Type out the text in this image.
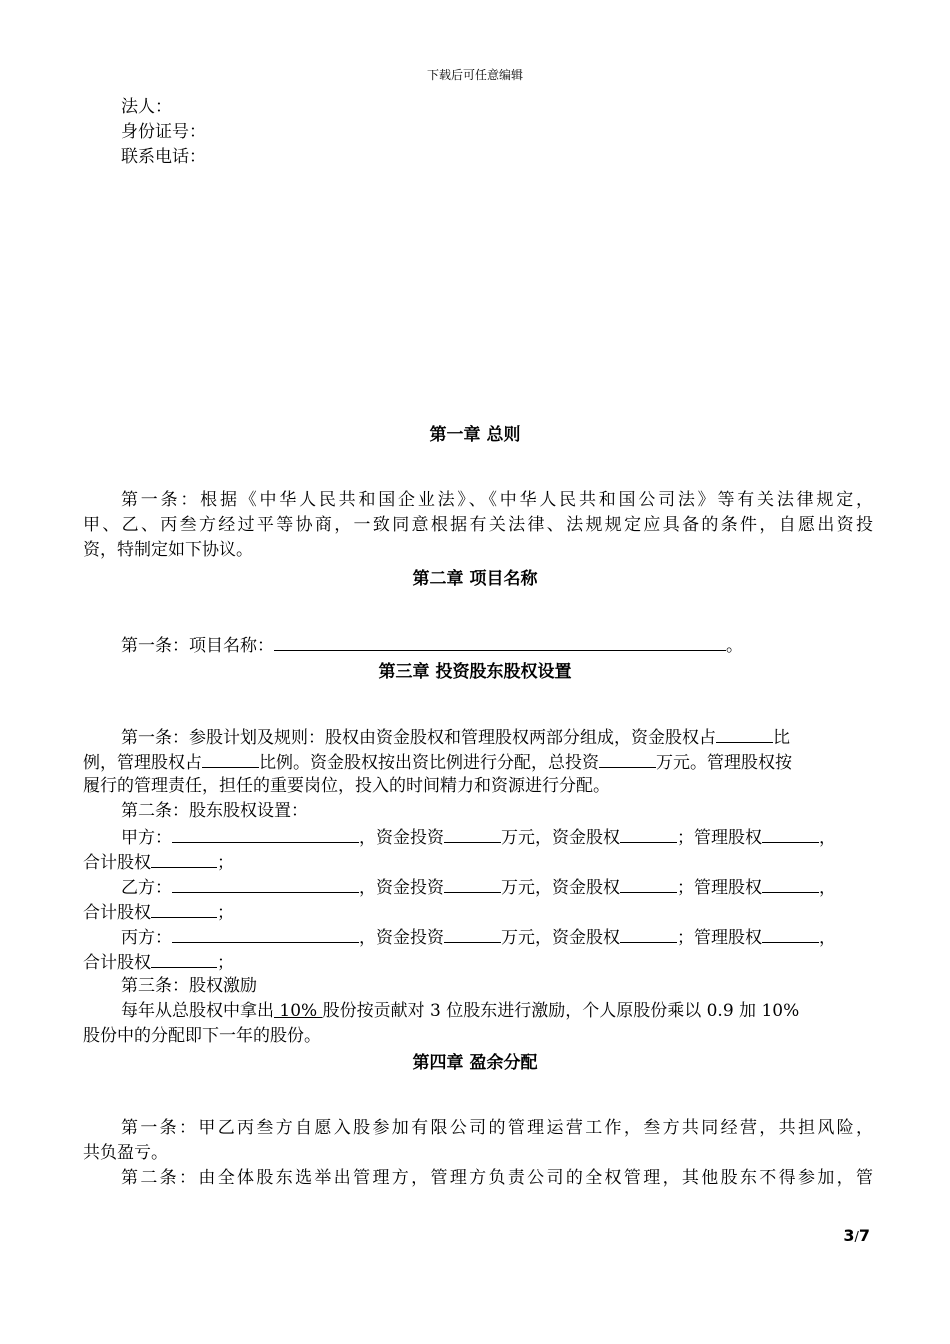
下载后可任意编辑
法人：
身份证号：
联系电话：
第一章 总则
第一条：根据《中华人民共和国企业法》、《中华人民共和国公司法》等有关法律规定，
甲、乙、丙叁方经过平等协商，一致同意根据有关法律、法规规定应具备的条件，自愿出资投
资，特制定如下协议。
第二章 项目名称
第一条：项目名称：	。
第三章 投资股东股权设置
第一条：参股计划及规则：股权由资金股权和管理股权两部分组成，资金股权占	比
例，管理股权占	比例。资金股权按出资比例进行分配，总投资	万元。管理股权按
履行的管理责任，担任的重要岗位，投入的时间精力和资源进行分配。
第二条：股东股权设置：
甲方：	，资金投资	万元，资金股权	；管理股权	，
合计股权	；
乙方：	，资金投资	万元，资金股权	；管理股权	，
合计股权	；
丙方：	，资金投资	万元，资金股权	；管理股权	，
合计股权	；
第三条：股权激励
每年从总股权中拿出 10% 股份按贡献对 3 位股东进行激励，个人原股份乘以 0.9 加 10%
股份中的分配即下一年的股份。
第四章 盈余分配
第一条：甲乙丙叁方自愿入股参加有限公司的管理运营工作，叁方共同经营，共担风险，
共负盈亏。
第二条：由全体股东选举出管理方，管理方负责公司的全权管理，其他股东不得参加，管
3/7
